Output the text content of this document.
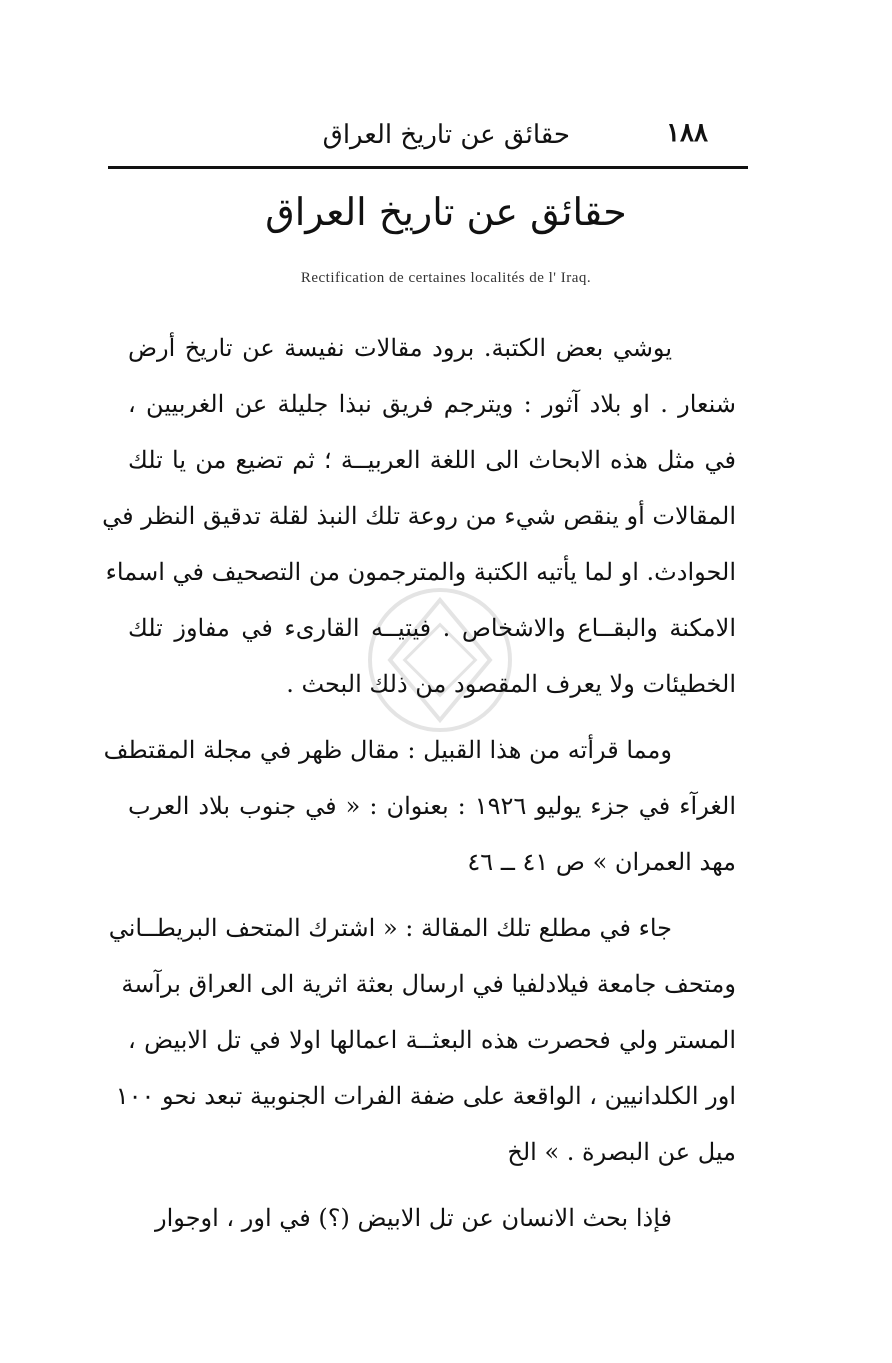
١٨٨
حقائق عن تاريخ العراق
حقائق عن تاريخ العراق
Rectification de certaines localités de l' Iraq.
يوشي بعض الكتبة. برود مقالات نفيسة عن تاريخ أرض
شنعار . او بلاد آثور : ويترجم فريق نبذا جليلة عن الغربيين ،
في مثل هذه الابحاث الى اللغة العربيــة ؛ ثم تضيع من يا تلك
المقالات أو ينقص شيء من روعة تلك النبذ لقلة تدقيق النظر في
الحوادث. او لما يأتيه الكتبة والمترجمون من التصحيف في اسماء
الامكنة والبقــاع والاشخاص . فيتيــه القارىء في مفاوز تلك
الخطيئات ولا يعرف المقصود من ذلك البحث .
ومما قرأته من هذا القبيل : مقال ظهر في مجلة المقتطف
الغرآء في جزء يوليو ١٩٢٦ : بعنوان : « في جنوب بلاد العرب
مهد العمران » ص ٤١ ــ ٤٦
جاء في مطلع تلك المقالة : « اشترك المتحف البريطــاني
ومتحف جامعة فيلادلفيا في ارسال بعثة اثرية الى العراق برآسة
المستر ولي فحصرت هذه البعثــة اعمالها اولا في تل الابيض ،
اور الكلدانيين ، الواقعة على ضفة الفرات الجنوبية تبعد نحو ١٠٠
ميل عن البصرة . » الخ
فإذا بحث الانسان عن تل الابيض (؟) في اور ، اوجوار
